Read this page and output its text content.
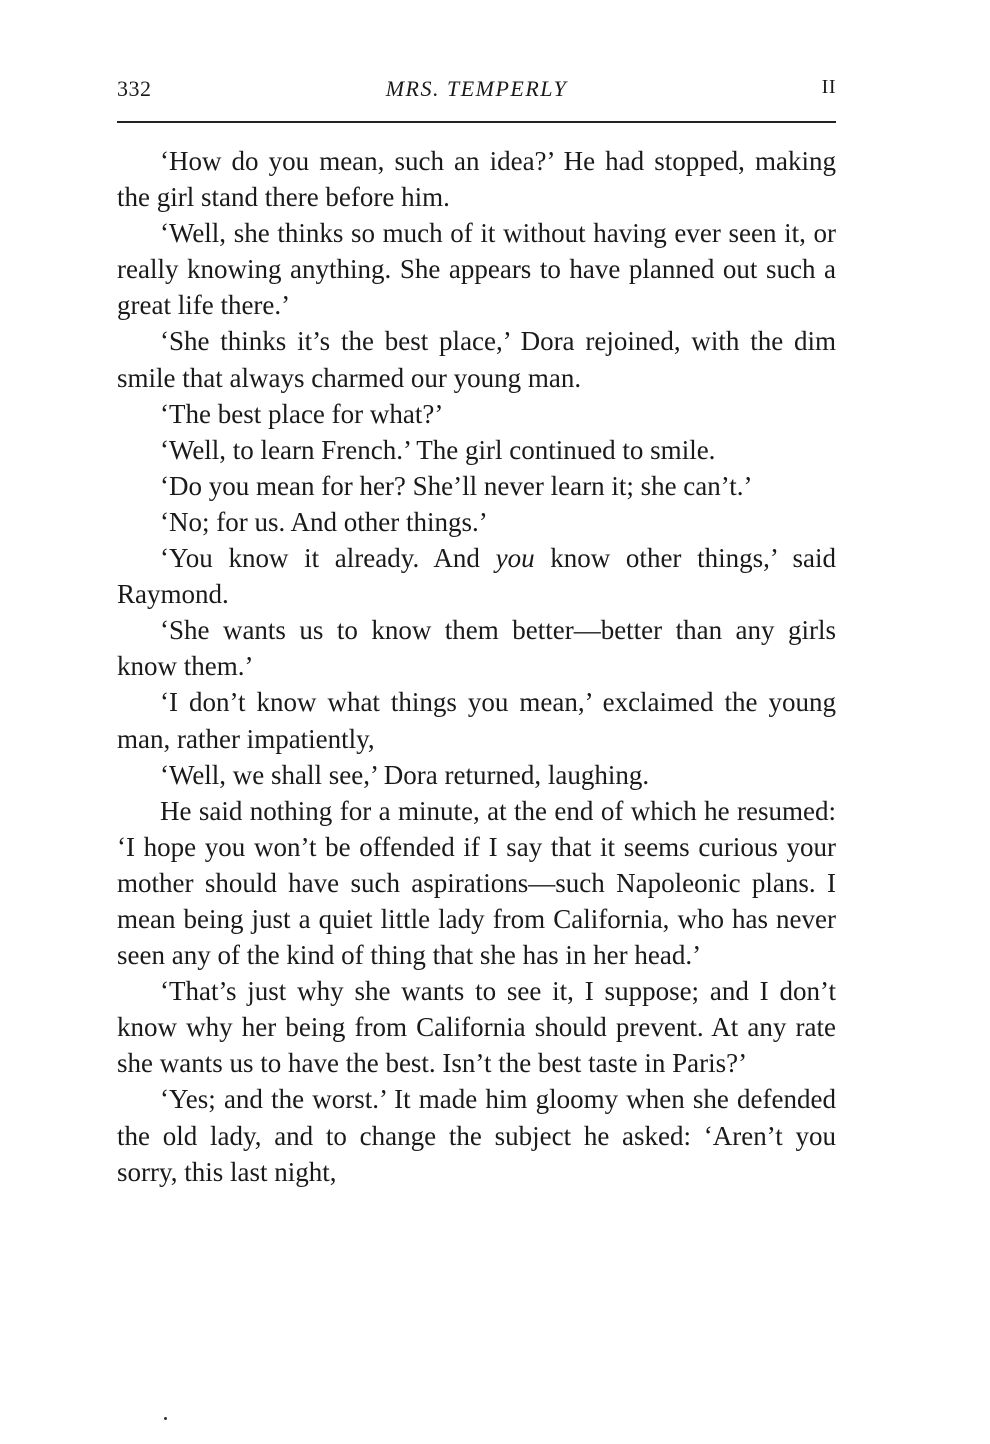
332	MRS. TEMPERLY	II

‘How do you mean, such an idea?’ He had stopped, making the girl stand there before him.

‘Well, she thinks so much of it without having ever seen it, or really knowing anything. She appears to have planned out such a great life there.’

‘She thinks it’s the best place,’ Dora rejoined, with the dim smile that always charmed our young man.

‘The best place for what?’

‘Well, to learn French.’ The girl continued to smile.

‘Do you mean for her? She’ll never learn it; she can’t.’

‘No; for us. And other things.’

‘You know it already. And you know other things,’ said Raymond.

‘She wants us to know them better—better than any girls know them.’

‘I don’t know what things you mean,’ exclaimed the young man, rather impatiently,

‘Well, we shall see,’ Dora returned, laughing.

He said nothing for a minute, at the end of which he resumed: ‘I hope you won’t be offended if I say that it seems curious your mother should have such aspirations—such Napoleonic plans. I mean being just a quiet little lady from California, who has never seen any of the kind of thing that she has in her head.’

‘That’s just why she wants to see it, I suppose; and I don’t know why her being from California should prevent. At any rate she wants us to have the best. Isn’t the best taste in Paris?’

‘Yes; and the worst.’ It made him gloomy when she defended the old lady, and to change the subject he asked: ‘Aren’t you sorry, this last night,
